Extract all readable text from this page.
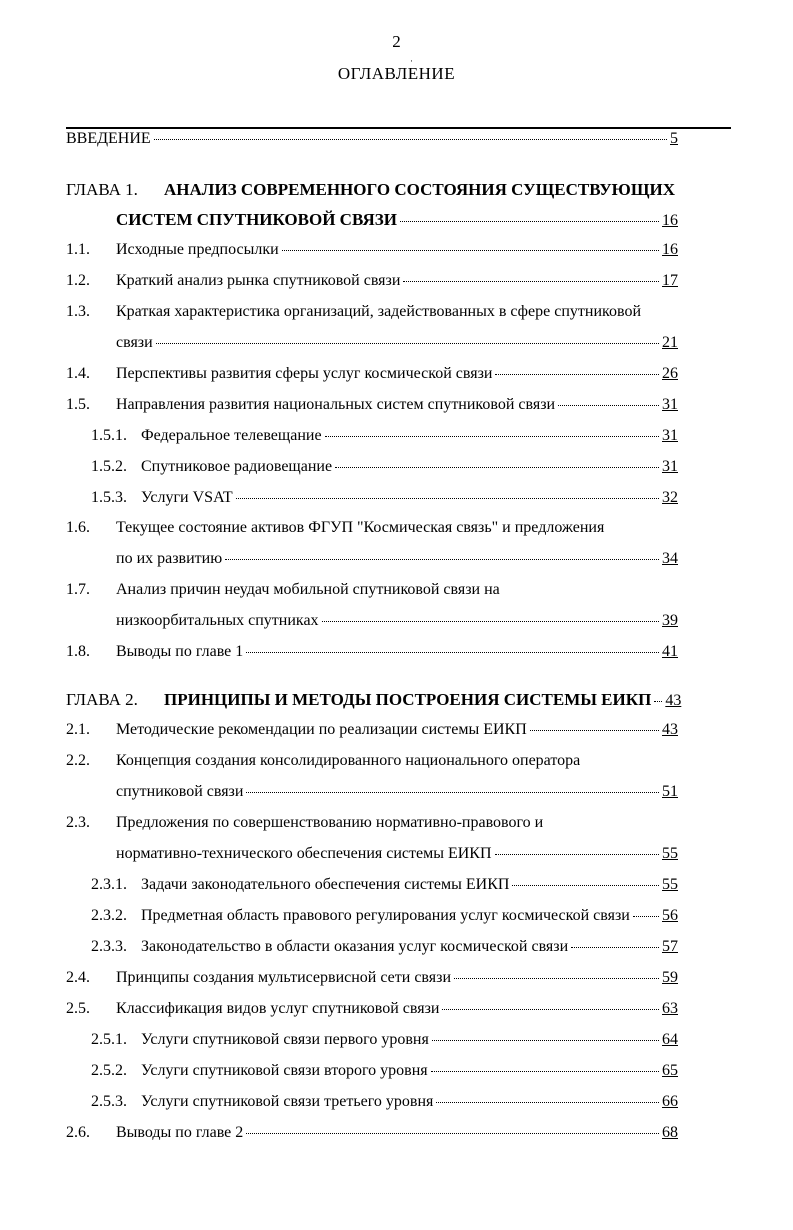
2
·
ОГЛАВЛЕНИЕ
ВВЕДЕНИЕ	5
ГЛАВА 1. АНАЛИЗ СОВРЕМЕННОГО СОСТОЯНИЯ СУЩЕСТВУЮЩИХ
СИСТЕМ СПУТНИКОВОЙ СВЯЗИ	16
1.1. Исходные предпосылки	16
1.2. Краткий анализ рынка спутниковой связи	17
1.3. Краткая характеристика организаций, задействованных в сфере спутниковой
связи	21
1.4. Перспективы развития сферы услуг космической связи	26
1.5. Направления развития национальных систем спутниковой связи	31
1.5.1. Федеральное телевещание	31
1.5.2. Спутниковое радиовещание	31
1.5.3. Услуги VSAT	32
1.6. Текущее состояние активов ФГУП "Космическая связь" и предложения
по их развитию	34
1.7. Анализ причин неудач мобильной спутниковой связи на
низкоорбитальных спутниках	39
1.8. Выводы по главе 1	41
ГЛАВА 2. ПРИНЦИПЫ И МЕТОДЫ ПОСТРОЕНИЯ СИСТЕМЫ ЕИКП 43
2.1. Методические рекомендации по реализации системы ЕИКП	43
2.2. Концепция создания консолидированного национального оператора
спутниковой связи	51
2.3. Предложения по совершенствованию нормативно-правового и
нормативно-технического обеспечения системы ЕИКП	55
2.3.1. Задачи законодательного обеспечения системы ЕИКП	55
2.3.2. Предметная область правового регулирования услуг космической связи 56
2.3.3. Законодательство в области оказания услуг космической связи	57
2.4. Принципы создания мультисервисной сети связи	59
2.5. Классификация видов услуг спутниковой связи	63
2.5.1. Услуги спутниковой связи первого уровня	64
2.5.2. Услуги спутниковой связи второго уровня	65
2.5.3. Услуги спутниковой связи третьего уровня	66
2.6. Выводы по главе 2	68
